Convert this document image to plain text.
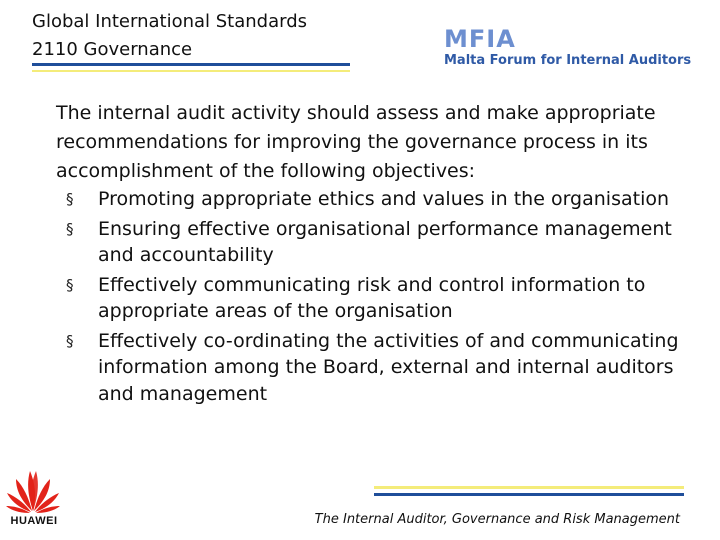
Global International Standards
2110 Governance	MFIA
Malta Forum for Internal Auditors

The internal audit activity should assess and make appropriate recommendations for improving the governance process in its accomplishment of the following objectives:

§ Promoting appropriate ethics and values in the organisation
§ Ensuring effective organisational performance management and accountability
§ Effectively communicating risk and control information to appropriate areas of the organisation
§ Effectively co-ordinating the activities of and communicating information among the Board, external and internal auditors and management
The Internal Auditor, Governance and Risk Management
HUAWEI
